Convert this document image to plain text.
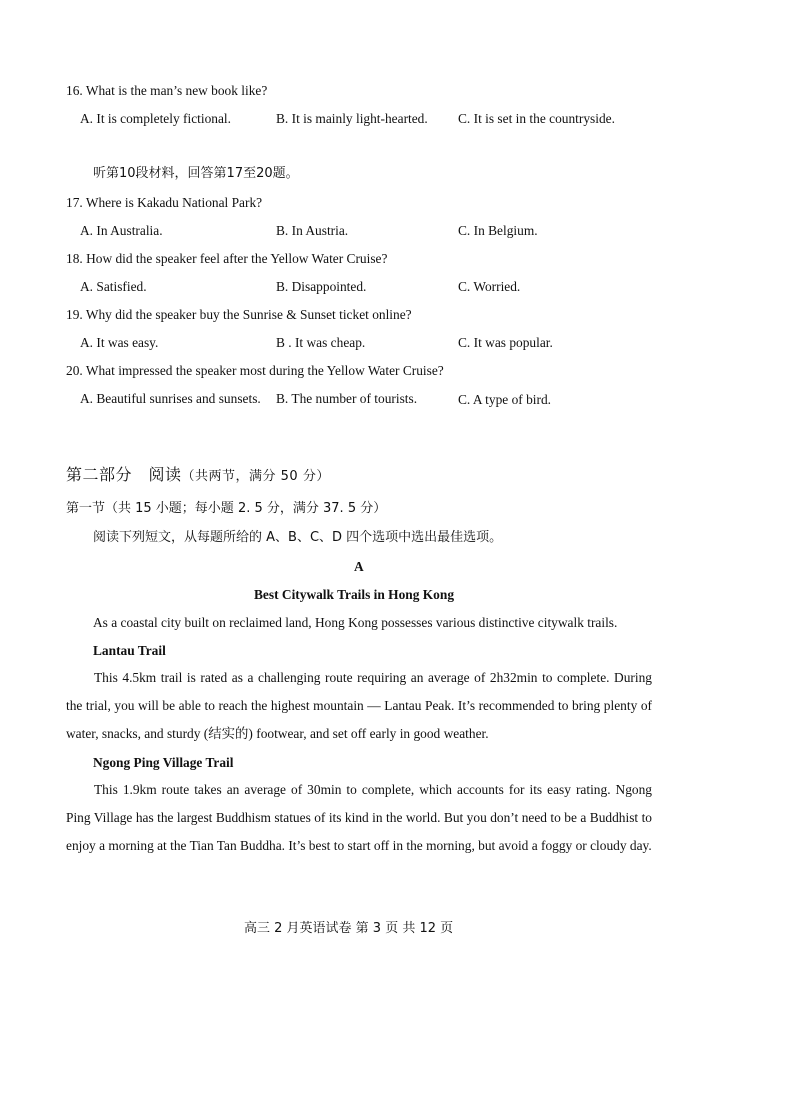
16. What is the man’s new book like?
A. It is completely fictional.	B. It is mainly light-hearted. C. It is set in the countryside.
听第10段材料，回答第17至20题。
17. Where is Kakadu National Park?
A. In Australia.	B. In Austria.	C. In Belgium.
18. How did the speaker feel after the Yellow Water Cruise?
A. Satisfied.	B. Disappointed.	C. Worried.
19. Why did the speaker buy the Sunrise & Sunset ticket online?
A. It was easy.	B . It was cheap.	C. It was popular.
20. What impressed the speaker most during the Yellow Water Cruise?
A. Beautiful sunrises and sunsets. B. The number of tourists.	C. A type of bird.
第二部分　阅读（共两节，满分 50 分）
第一节（共 15 小题；每小题 2. 5 分，满分 37. 5 分）
阅读下列短文，从每题所给的 A、B、C、D 四个选项中选出最佳选项。
A
Best Citywalk Trails in Hong Kong
As a coastal city built on reclaimed land, Hong Kong possesses various distinctive citywalk trails.
Lantau Trail
This 4.5km trail is rated as a challenging route requiring an average of 2h32min to complete. During the trial, you will be able to reach the highest mountain — Lantau Peak. It’s recommended to bring plenty of water, snacks, and sturdy (结实的) footwear, and set off early in good weather.
Ngong Ping Village Trail
This 1.9km route takes an average of 30min to complete, which accounts for its easy rating. Ngong Ping Village has the largest Buddhism statues of its kind in the world. But you don’t need to be a Buddhist to enjoy a morning at the Tian Tan Buddha. It’s best to start off in the morning, but avoid a foggy or cloudy day.
高三 2 月英语试卷 第 3 页 共 12 页
